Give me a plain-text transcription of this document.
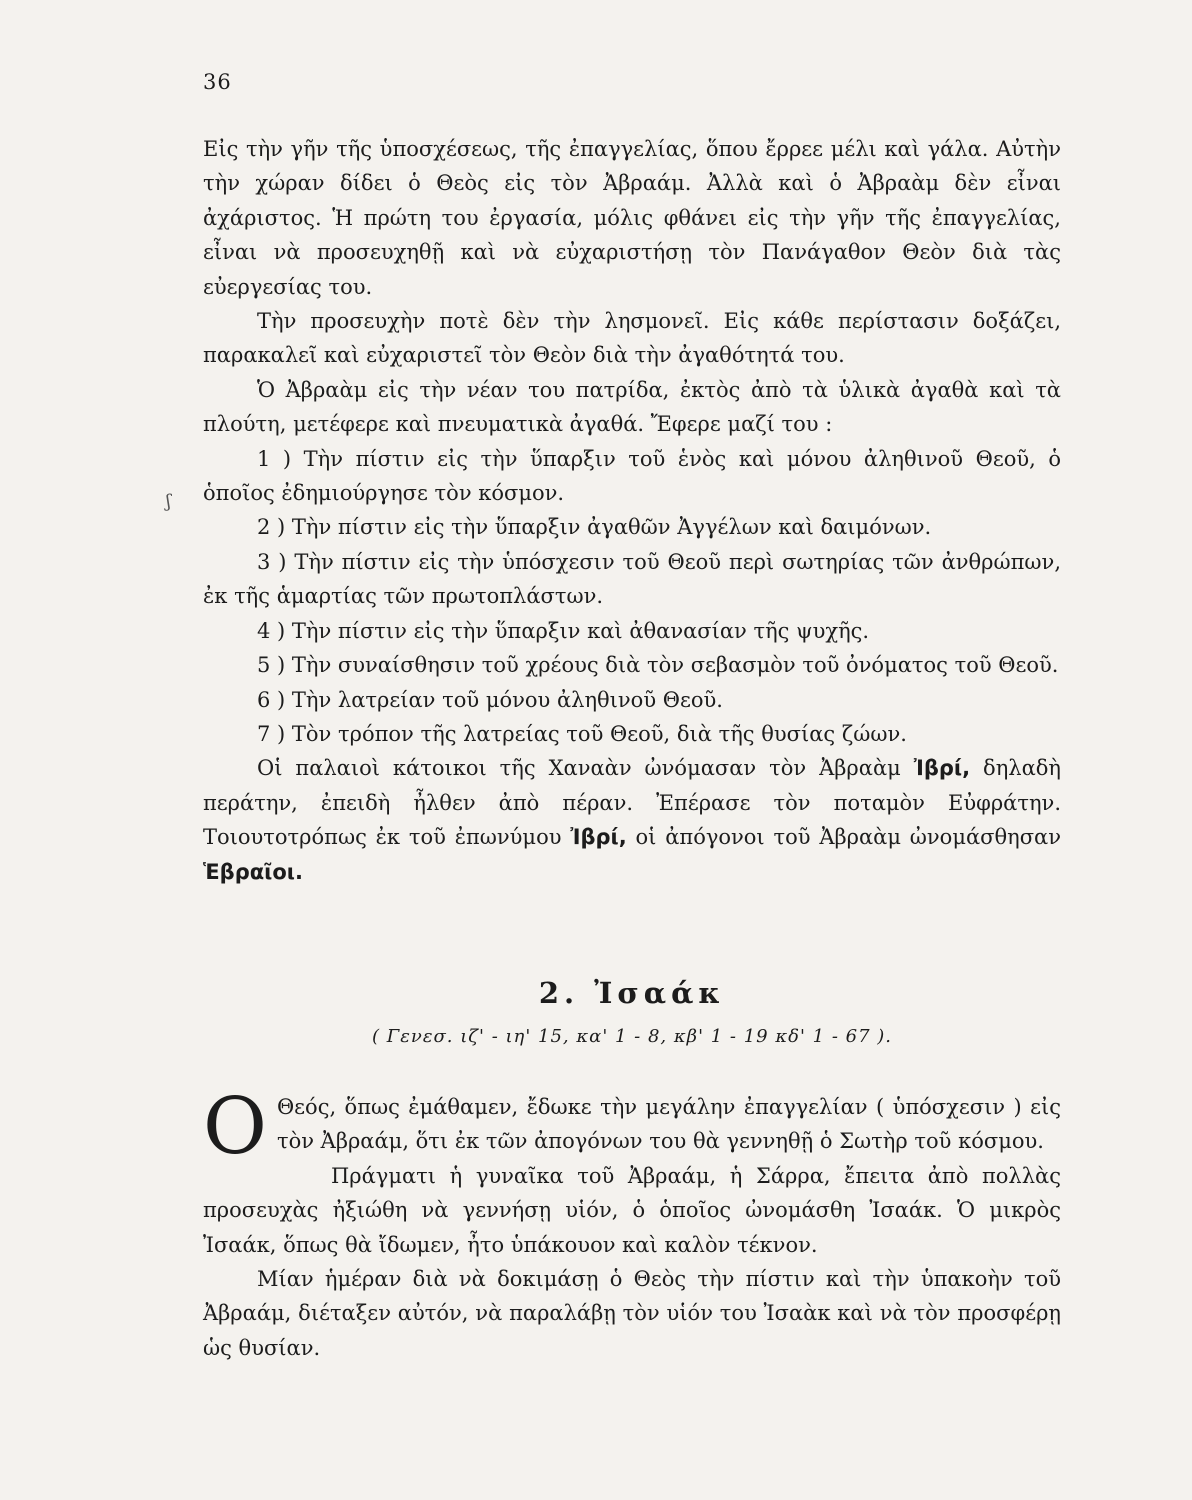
36
ʃ

Εἰς τὴν γῆν τῆς ὑποσχέσεως, τῆς ἐπαγγελίας, ὅπου ἔρρεε μέλι καὶ γάλα. Αὐτὴν τὴν χώραν δίδει ὁ Θεὸς εἰς τὸν Ἀβραάμ. Ἀλλὰ καὶ ὁ Ἀβραὰμ δὲν εἶναι ἀχάριστος. Ἡ πρώτη του ἐργασία, μόλις φθάνει εἰς τὴν γῆν τῆς ἐπαγγελίας, εἶναι νὰ προσευχηθῇ καὶ νὰ εὐχαριστήσῃ τὸν Πανάγαθον Θεὸν διὰ τὰς εὐεργεσίας του.

Τὴν προσευχὴν ποτὲ δὲν τὴν λησμονεῖ. Εἰς κάθε περίστασιν δοξάζει, παρακαλεῖ καὶ εὐχαριστεῖ τὸν Θεὸν διὰ τὴν ἀγαθότητά του.

Ὁ Ἀβραὰμ εἰς τὴν νέαν του πατρίδα, ἐκτὸς ἀπὸ τὰ ὑλικὰ ἀγαθὰ καὶ τὰ πλούτη, μετέφερε καὶ πνευματικὰ ἀγαθά. Ἔφερε μαζί του :

1 ) Τὴν πίστιν εἰς τὴν ὕπαρξιν τοῦ ἑνὸς καὶ μόνου ἀληθινοῦ Θεοῦ, ὁ ὁποῖος ἐδημιούργησε τὸν κόσμον.

2 ) Τὴν πίστιν εἰς τὴν ὕπαρξιν ἀγαθῶν Ἀγγέλων καὶ δαιμόνων.

3 ) Τὴν πίστιν εἰς τὴν ὑπόσχεσιν τοῦ Θεοῦ περὶ σωτηρίας τῶν ἀνθρώπων, ἐκ τῆς ἁμαρτίας τῶν πρωτοπλάστων.

4 ) Τὴν πίστιν εἰς τὴν ὕπαρξιν καὶ ἀθανασίαν τῆς ψυχῆς.

5 ) Τὴν συναίσθησιν τοῦ χρέους διὰ τὸν σεβασμὸν τοῦ ὀνόματος τοῦ Θεοῦ.

6 ) Τὴν λατρείαν τοῦ μόνου ἀληθινοῦ Θεοῦ.

7 ) Τὸν τρόπον τῆς λατρείας τοῦ Θεοῦ, διὰ τῆς θυσίας ζώων.

Οἱ παλαιοὶ κάτοικοι τῆς Χαναὰν ὠνόμασαν τὸν Ἀβραὰμ Ἰβρί, δηλαδὴ περάτην, ἐπειδὴ ἦλθεν ἀπὸ πέραν. Ἐπέρασε τὸν ποταμὸν Εὐφράτην. Τοιουτοτρόπως ἐκ τοῦ ἐπωνύμου Ἰβρί, οἱ ἀπόγονοι τοῦ Ἀβραὰμ ὠνομάσθησαν Ἑβραῖοι.

2. Ἰσαάκ
( Γενεσ. ιζ' - ιη' 15, κα' 1 - 8, κβ' 1 - 19 κδ' 1 - 67 ).

Ο Θεός, ὅπως ἐμάθαμεν, ἔδωκε τὴν μεγάλην ἐπαγγελίαν ( ὑπόσχεσιν ) εἰς τὸν Ἀβραάμ, ὅτι ἐκ τῶν ἀπογόνων του θὰ γεννηθῇ ὁ Σωτὴρ τοῦ κόσμου.

Πράγματι ἡ γυναῖκα τοῦ Ἀβραάμ, ἡ Σάρρα, ἔπειτα ἀπὸ πολλὰς προσευχὰς ἠξιώθη νὰ γεννήσῃ υἱόν, ὁ ὁποῖος ὠνομάσθη Ἰσαάκ. Ὁ μικρὸς Ἰσαάκ, ὅπως θὰ ἴδωμεν, ἦτο ὑπάκουον καὶ καλὸν τέκνον.

Μίαν ἡμέραν διὰ νὰ δοκιμάσῃ ὁ Θεὸς τὴν πίστιν καὶ τὴν ὑπακοὴν τοῦ Ἀβραάμ, διέταξεν αὐτόν, νὰ παραλάβῃ τὸν υἱόν του Ἰσαὰκ καὶ νὰ τὸν προσφέρῃ ὡς θυσίαν.
